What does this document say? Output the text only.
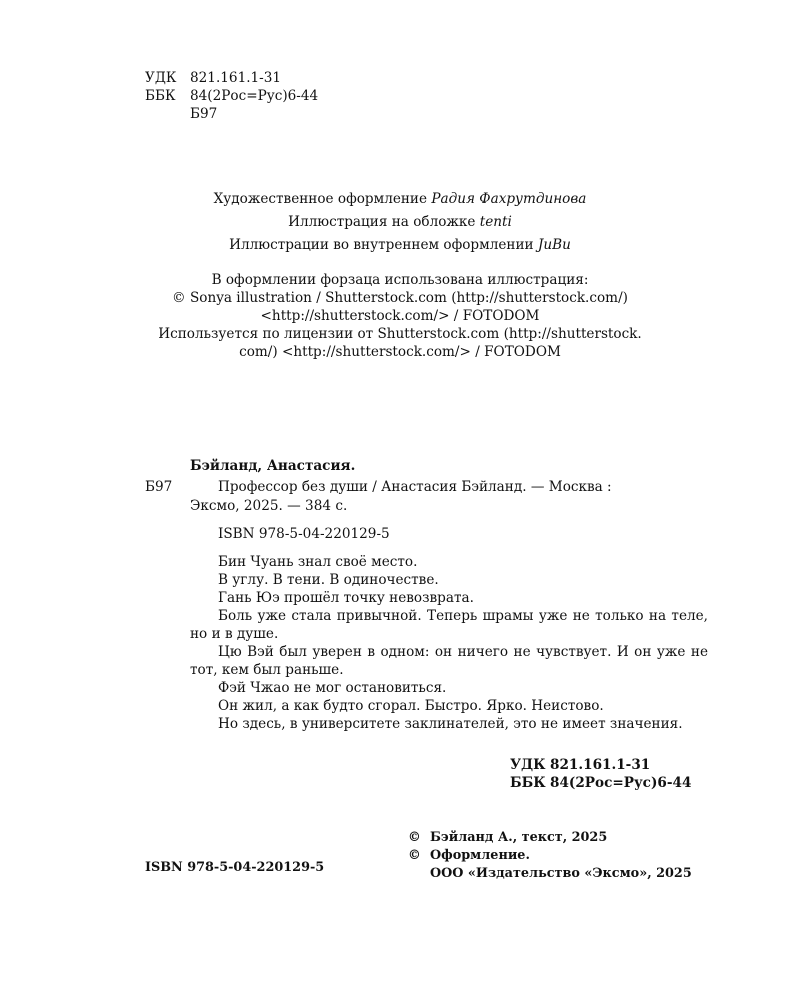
УДК 821.161.1-31
ББК	84(2Рос=Рус)6-44
Б97
Художественное оформление Радия Фахрутдинова
Иллюстрация на обложке tenti
Иллюстрации во внутреннем оформлении JuBu
В оформлении форзаца использована иллюстрация:
© Sonya illustration / Shutterstock.com (http://shutterstock.com/)
<http://shutterstock.com/> / FOTODOM
Используется по лицензии от Shutterstock.com (http://shutterstock.
com/) <http://shutterstock.com/> / FOTODOM
Бэйланд, Анастасия.
Б97	Профессор без души / Анастасия Бэйланд. — Москва :
Эксмо, 2025. — 384 с.
ISBN 978-5-04-220129-5
Бин Чуань знал своё место.
В углу. В тени. В одиночестве.
Гань Юэ прошёл точку невозврата.
Боль уже стала привычной. Теперь шрамы уже не только на теле, но и в душе.
Цю Вэй был уверен в одном: он ничего не чувствует. И он уже не тот, кем был раньше.
Фэй Чжао не мог остановиться.
Он жил, а как будто сгорал. Быстро. Ярко. Неистово.
Но здесь, в университете заклинателей, это не имеет значения.
УДК 821.161.1-31
ББК 84(2Рос=Рус)6-44
© Бэйланд А., текст, 2025
© Оформление.
ООО «Издательство «Эксмо», 2025
ISBN 978-5-04-220129-5
